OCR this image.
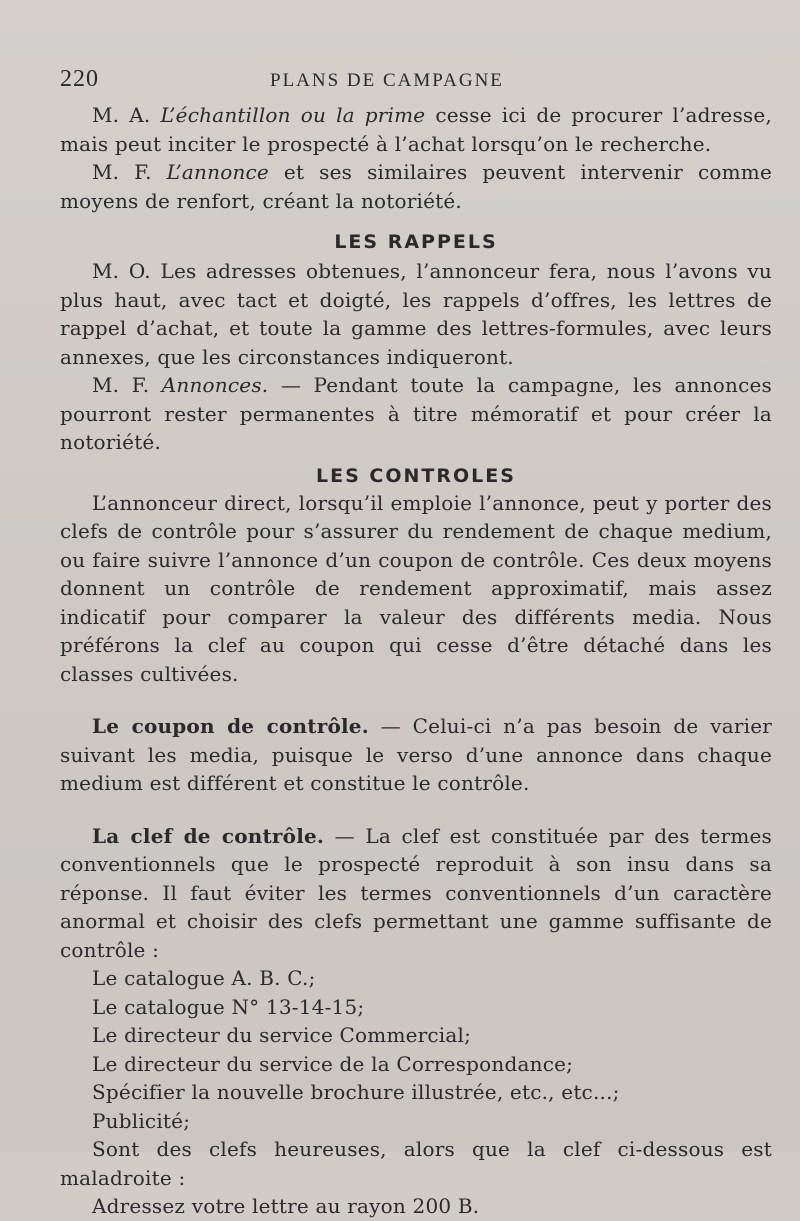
220	PLANS DE CAMPAGNE

M. A. L’échantillon ou la prime cesse ici de procurer l’adresse, mais peut inciter le prospecté à l’achat lorsqu’on le recherche.

M. F. L’annonce et ses similaires peuvent intervenir comme moyens de renfort, créant la notoriété.

LES RAPPELS

M. O. Les adresses obtenues, l’annonceur fera, nous l’avons vu plus haut, avec tact et doigté, les rappels d’offres, les lettres de rappel d’achat, et toute la gamme des lettres-formules, avec leurs annexes, que les circonstances indiqueront.

M. F. Annonces. — Pendant toute la campagne, les annonces pourront rester permanentes à titre mémoratif et pour créer la notoriété.

LES CONTROLES

L’annonceur direct, lorsqu’il emploie l’annonce, peut y porter des clefs de contrôle pour s’assurer du rendement de chaque medium, ou faire suivre l’annonce d’un coupon de contrôle. Ces deux moyens donnent un contrôle de rendement approximatif, mais assez indicatif pour comparer la valeur des différents media. Nous préférons la clef au coupon qui cesse d’être détaché dans les classes cultivées.

Le coupon de contrôle. — Celui-ci n’a pas besoin de varier suivant les media, puisque le verso d’une annonce dans chaque medium est différent et constitue le contrôle.

La clef de contrôle. — La clef est constituée par des termes conventionnels que le prospecté reproduit à son insu dans sa réponse. Il faut éviter les termes conventionnels d’un caractère anormal et choisir des clefs permettant une gamme suffisante de contrôle :

Le catalogue A. B. C.;

Le catalogue N° 13-14-15;

Le directeur du service Commercial;

Le directeur du service de la Correspondance;

Spécifier la nouvelle brochure illustrée, etc., etc...;

Publicité;

Sont des clefs heureuses, alors que la clef ci-dessous est maladroite :

Adressez votre lettre au rayon 200 B.
